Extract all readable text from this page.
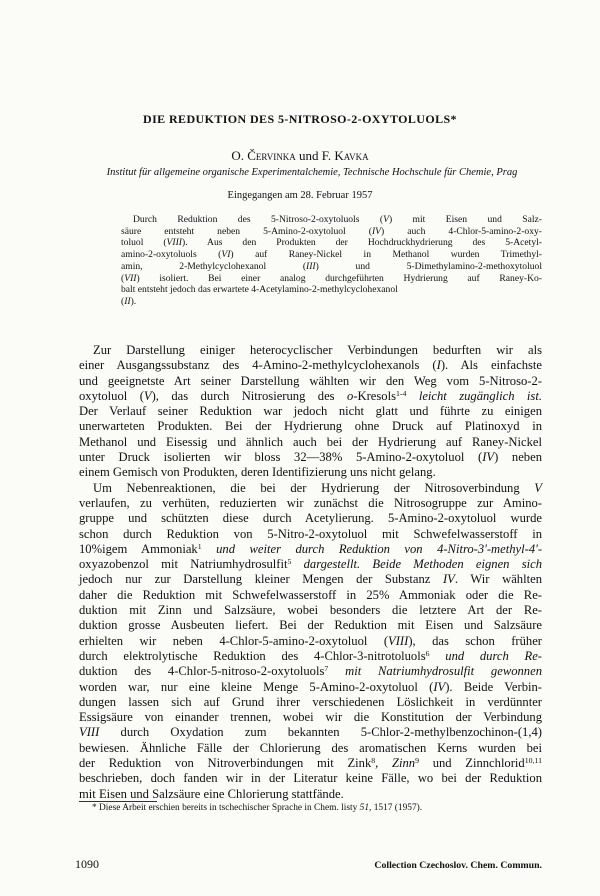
DIE REDUKTION DES 5-NITROSO-2-OXYTOLUOLS*
O. Červinka und F. Kavka
Institut für allgemeine organische Experimentalchemie, Technische Hochschule für Chemie, Prag
Eingegangen am 28. Februar 1957
Durch Reduktion des 5-Nitroso-2-oxytoluols (V) mit Eisen und Salz-
säure entsteht neben 5-Amino-2-oxytoluol (IV) auch 4-Chlor-5-amino-2-oxy-
toluol (VIII). Aus den Produkten der Hochdruckhydrierung des 5-Acetyl-
amino-2-oxytoluols (VI) auf Raney-Nickel in Methanol wurden Trimethyl-
amin, 2-Methylcyclohexanol (III) und 5-Dimethylamino-2-methoxytoluol
(VII) isoliert. Bei einer analog durchgeführten Hydrierung auf Raney-Ko-
balt entsteht jedoch das erwartete 4-Acetylamino-2-methylcyclohexanol
(II).
Zur Darstellung einiger heterocyclischer Verbindungen bedurften wir als
einer Ausgangssubstanz des 4-Amino-2-methylcyclohexanols (I). Als einfachste
und geeignetste Art seiner Darstellung wählten wir den Weg vom 5-Nitroso-2-
oxytoluol (V), das durch Nitrosierung des o-Kresols$^{1-4}$ leicht zugänglich ist.
Der Verlauf seiner Reduktion war jedoch nicht glatt und führte zu einigen
unerwarteten Produkten. Bei der Hydrierung ohne Druck auf Platinoxyd in
Methanol und Eisessig und ähnlich auch bei der Hydrierung auf Raney-Nickel
unter Druck isolierten wir bloss 32—38% 5-Amino-2-oxytoluol (IV) neben
einem Gemisch von Produkten, deren Identifizierung uns nicht gelang.
Um Nebenreaktionen, die bei der Hydrierung der Nitrosoverbindung V
verlaufen, zu verhüten, reduzierten wir zunächst die Nitrosogruppe zur Amino-
gruppe und schützten diese durch Acetylierung. 5-Amino-2-oxytoluol wurde
schon durch Reduktion von 5-Nitro-2-oxytoluol mit Schwefelwasserstoff in
10%igem Ammoniak$^1$ und weiter durch Reduktion von 4-Nitro-3'-methyl-4'-
oxyazobenzol mit Natriumhydrosulfit$^5$ dargestellt. Beide Methoden eignen sich
jedoch nur zur Darstellung kleiner Mengen der Substanz IV. Wir wählten
daher die Reduktion mit Schwefelwasserstoff in 25% Ammoniak oder die Re-
duktion mit Zinn und Salzsäure, wobei besonders die letztere Art der Re-
duktion grosse Ausbeuten liefert. Bei der Reduktion mit Eisen und Salzsäure
erhielten wir neben 4-Chlor-5-amino-2-oxytoluol (VIII), das schon früher
durch elektrolytische Reduktion des 4-Chlor-3-nitrotoluols$^6$ und durch Re-
duktion des 4-Chlor-5-nitroso-2-oxytoluols$^7$ mit Natriumhydrosulfit gewonnen
worden war, nur eine kleine Menge 5-Amino-2-oxytoluol (IV). Beide Verbin-
dungen lassen sich auf Grund ihrer verschiedenen Löslichkeit in verdünnter
Essigsäure von einander trennen, wobei wir die Konstitution der Verbindung
VIII durch Oxydation zum bekannten 5-Chlor-2-methylbenzochinon-(1,4)
bewiesen. Ähnliche Fälle der Chlorierung des aromatischen Kerns wurden bei
der Reduktion von Nitroverbindungen mit Zink$^8$, Zinn$^9$ und Zinnchlorid$^{10,11}$
beschrieben, doch fanden wir in der Literatur keine Fälle, wo bei der Reduktion
mit Eisen und Salzsäure eine Chlorierung stattfände.
* Diese Arbeit erschien bereits in tschechischer Sprache in Chem. listy 51, 1517 (1957).
1090	Collection Czechoslov. Chem. Commun.
